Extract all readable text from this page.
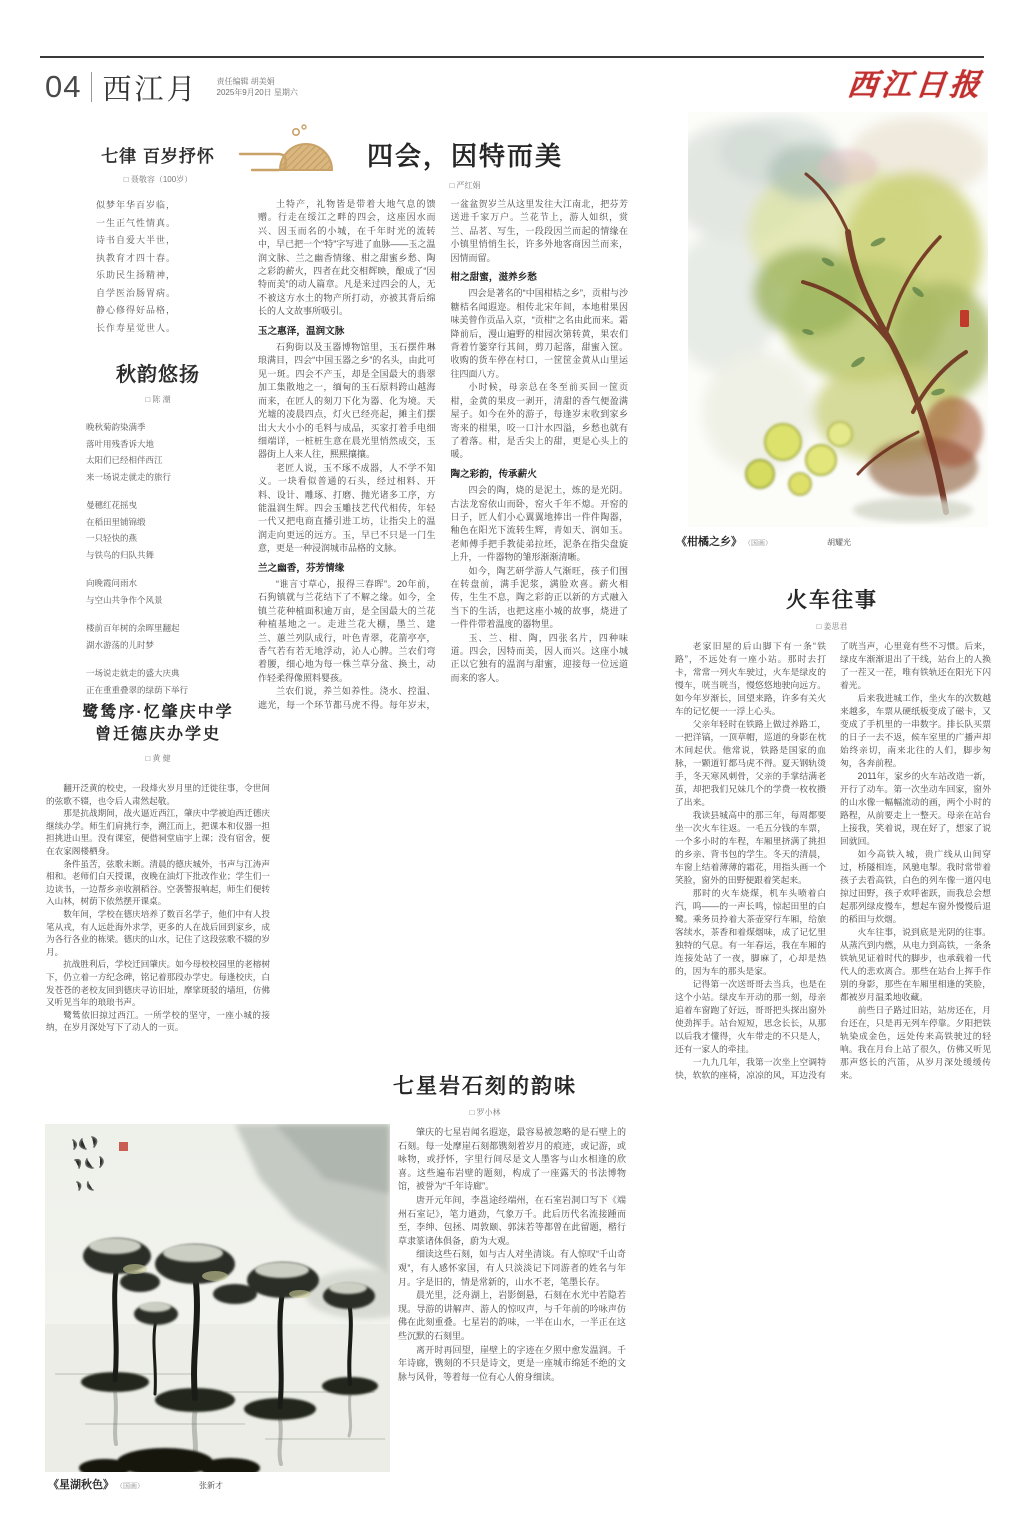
04 西江月 责任编辑 胡美娟
2025年9月20日 星期六	西江日报
七律 百岁抒怀
□ 聂敬容（100岁）
似梦年华百岁临，
一生正气性情真。
诗书自爱大半世，
执教育才四十春。
乐助民生扬精神，
自学医治肠胃病。
静心修得好品格，
长作寿星觉世人。
秋韵悠扬
□ 陈 潮
晚秋菊韵染满季
落叶用残香诉大地
太阳们已经相伴西江
来一场说走就走的旅行
曼穗红花摇曳
在稻田里铺锦缎
一只轻快的燕
与铁鸟的归队共舞
向晚霞问雨水
与空山共争作个风景
楼前百年树的余晖里翻起
湖水游荡的儿时梦
一场说走就走的盛大庆典
正在重重叠翠的绿荫下举行
鹭鸶序·忆肇庆中学
曾迁德庆办学史
□ 黄 健

翻开泛黄的校史，一段烽火岁月里的迁徙往事，令世间的弦歌不辍，也令后人肃然起敬。

那是抗战期间，战火逼近西江，肇庆中学被迫西迁德庆继续办学。师生们肩挑行李，溯江而上，把课本和仪器一担担挑进山里。没有课室，便借祠堂庙宇上课；没有宿舍，便在农家阁楼栖身。

条件虽苦，弦歌未断。清晨的德庆城外，书声与江涛声相和。老师们白天授课，夜晚在油灯下批改作业；学生们一边读书，一边帮乡亲收割稻谷。空袭警报响起，师生们便转入山林，树荫下依然摆开课桌。

数年间，学校在德庆培养了数百名学子，他们中有人投笔从戎，有人远赴海外求学，更多的人在战后回到家乡，成为各行各业的栋梁。德庆的山水，记住了这段弦歌不辍的岁月。

抗战胜利后，学校迁回肇庆。如今母校校园里的老榕树下，仍立着一方纪念碑，铭记着那段办学史。每逢校庆，白发苍苍的老校友回到德庆寻访旧址，摩挲斑驳的墙垣，仿佛又听见当年的琅琅书声。

鹭鸶依旧掠过西江。一所学校的坚守，一座小城的接纳，在岁月深处写下了动人的一页。

四会，因特而美
□ 严红娟

土特产，礼物皆是带着大地气息的馈赠。行走在绥江之畔的四会，这座因水而兴、因玉而名的小城，在千年时光的流转中，早已把一个“特”字写进了血脉——玉之温润文脉、兰之幽香情缘、柑之甜蜜乡愁、陶之彩韵薪火，四者在此交相辉映，酿成了“因特而美”的动人篇章。凡是来过四会的人，无不被这方水土的物产所打动，亦被其背后绵长的人文故事所吸引。

玉之惠泽，温润文脉

石狗街以及玉器博物馆里，玉石摆件琳琅满目，四会“中国玉器之乡”的名头，由此可见一斑。四会不产玉，却是全国最大的翡翠加工集散地之一，缅甸的玉石原料跨山越海而来，在匠人的刻刀下化为器、化为境。天光墟的凌晨四点，灯火已经亮起，摊主们摆出大大小小的毛料与成品，买家打着手电细细端详，一桩桩生意在晨光里悄然成交，玉器街上人来人往，熙熙攘攘。

老匠人说，玉不琢不成器，人不学不知义。一块看似普通的石头，经过相料、开料、设计、雕琢、打磨、抛光诸多工序，方能温润生辉。四会玉雕技艺代代相传，年轻一代又把电商直播引进工坊，让指尖上的温润走向更远的远方。玉，早已不只是一门生意，更是一种浸润城市品格的文脉。

兰之幽香，芬芳情缘

“谁言寸草心，报得三春晖”。20年前，石狗镇就与兰花结下了不解之缘。如今，全镇兰花种植面积逾万亩，是全国最大的兰花种植基地之一。走进兰花大棚，墨兰、建兰、蕙兰列队成行，叶色青翠，花箭亭亭，香气若有若无地浮动，沁人心脾。兰农们弯着腰，细心地为每一株兰草分盆、换土，动作轻柔得像照料婴孩。

兰农们说，养兰如养性。浇水、控温、遮光，每一个环节都马虎不得。每年岁末，一盆盆贺岁兰从这里发往大江南北，把芬芳送进千家万户。兰花节上，游人如织，赏兰、品茗、写生，一段段因兰而起的情缘在小镇里悄悄生长，许多外地客商因兰而来，因情而留。

柑之甜蜜，滋养乡愁

四会是著名的“中国柑桔之乡”，贡柑与沙糖桔名闻遐迩。相传北宋年间，本地柑果因味美曾作贡品入京，“贡柑”之名由此而来。霜降前后，漫山遍野的柑园次第转黄，果农们背着竹篓穿行其间，剪刀起落，甜蜜入筐。收购的货车停在村口，一筐筐金黄从山里运往四面八方。

小时候，母亲总在冬至前买回一筐贡柑，金黄的果皮一剥开，清甜的香气便盈满屋子。如今在外的游子，每逢岁末收到家乡寄来的柑果，咬一口汁水四溢，乡愁也就有了着落。柑，是舌尖上的甜，更是心头上的暖。

陶之彩韵，传承薪火

四会的陶，烧的是泥土，炼的是光阴。古法龙窑依山而卧，窑火千年不熄。开窑的日子，匠人们小心翼翼地捧出一件件陶器，釉色在阳光下流转生辉，青如天、润如玉。老师傅手把手教徒弟拉坯，泥条在指尖盘旋上升，一件器物的雏形渐渐清晰。

如今，陶艺研学游人气渐旺，孩子们围在转盘前，满手泥浆，满脸欢喜。薪火相传，生生不息，陶之彩韵正以新的方式融入当下的生活，也把这座小城的故事，烧进了一件件带着温度的器物里。

玉、兰、柑、陶，四张名片，四种味道。四会，因特而美，因人而兴。这座小城正以它独有的温润与甜蜜，迎接每一位远道而来的客人。

《柑橘之乡》 （国画）	胡耀光
火车往事
□ 姜思君

老家旧屋的后山脚下有一条“铁路”，不远处有一座小站。那时去打卡，常常一列火车驶过，火车是绿皮的慢车，咣当咣当，慢悠悠地驶向远方。如今年岁渐长，回望来路，许多有关火车的记忆便一一浮上心头。

父亲年轻时在铁路上做过养路工，一把洋镐，一顶草帽，巡道的身影在枕木间起伏。他常说，铁路是国家的血脉，一颗道钉都马虎不得。夏天钢轨烫手，冬天寒风刺骨，父亲的手掌结满老茧，却把我们兄妹几个的学费一枚枚攒了出来。

我读县城高中的那三年，每周都要坐一次火车往返。一毛五分钱的车票，一个多小时的车程，车厢里挤满了挑担的乡亲、背书包的学生。冬天的清晨，车窗上结着薄薄的霜花，用指头画一个笑脸，窗外的田野便跟着笑起来。

那时的火车烧煤，机车头喷着白汽，呜——的一声长鸣，惊起田里的白鹭。乘务员拎着大茶壶穿行车厢，给旅客续水，茶香和着煤烟味，成了记忆里独特的气息。有一年春运，我在车厢的连接处站了一夜，脚麻了，心却是热的，因为车的那头是家。

记得第一次送哥哥去当兵，也是在这个小站。绿皮车开动的那一刻，母亲追着车窗跑了好远，哥哥把头探出窗外使劲挥手。站台短短，思念长长，从那以后我才懂得，火车带走的不只是人，还有一家人的牵挂。

一九九几年，我第一次坐上空调特快，软软的座椅，凉凉的风，耳边没有了咣当声，心里竟有些不习惯。后来，绿皮车渐渐退出了干线，站台上的人换了一茬又一茬，唯有铁轨还在阳光下闪着光。

后来我进城工作，坐火车的次数越来越多，车票从硬纸板变成了磁卡，又变成了手机里的一串数字。排长队买票的日子一去不返，候车室里的广播声却始终亲切，南来北往的人们，脚步匆匆，各奔前程。

2011年，家乡的火车站改造一新，开行了动车。第一次坐动车回家，窗外的山水像一幅幅流动的画，两个小时的路程，从前要走上一整天。母亲在站台上接我，笑着说，现在好了，想家了说回就回。

如今高铁入城，贵广线从山间穿过，桥隧相连，风驰电掣。我时常带着孩子去看高铁，白色的列车像一道闪电掠过田野，孩子欢呼雀跃，而我总会想起那列绿皮慢车，想起车窗外慢慢后退的稻田与炊烟。

火车往事，说到底是光阴的往事。从蒸汽到内燃，从电力到高铁，一条条铁轨见证着时代的脚步，也承载着一代代人的悲欢离合。那些在站台上挥手作别的身影，那些在车厢里相逢的笑脸，都被岁月温柔地收藏。

前些日子路过旧站，站房还在，月台还在，只是再无列车停靠。夕阳把铁轨染成金色，远处传来高铁驶过的轻响。我在月台上站了很久，仿佛又听见那声悠长的汽笛，从岁月深处缓缓传来。

七星岩石刻的韵味
□ 罗小林

肇庆的七星岩闻名遐迩，最容易被忽略的是石壁上的石刻。每一处摩崖石刻都镌刻着岁月的痕迹，或记游，或咏物，或抒怀，字里行间尽是文人墨客与山水相逢的欣喜。这些遍布岩壁的题刻，构成了一座露天的书法博物馆，被誉为“千年诗廊”。

唐开元年间，李邕途经端州，在石室岩洞口写下《端州石室记》，笔力遒劲，气象万千。此后历代名流接踵而至，李绅、包拯、周敦颐、郭沫若等都曾在此留题，楷行草隶篆诸体俱备，蔚为大观。

细读这些石刻，如与古人对坐清谈。有人惊叹“千山奇观”，有人感怀家国，有人只淡淡记下同游者的姓名与年月。字是旧的，情是常新的，山水不老，笔墨长存。

晨光里，泛舟湖上，岩影倒悬，石刻在水光中若隐若现。导游的讲解声、游人的惊叹声，与千年前的吟咏声仿佛在此刻重叠。七星岩的韵味，一半在山水，一半正在这些沉默的石刻里。

离开时再回望，崖壁上的字迹在夕照中愈发温润。千年诗廊，镌刻的不只是诗文，更是一座城市绵延不绝的文脉与风骨，等着每一位有心人俯身细读。

《星湖秋色》 （国画）	张新才
